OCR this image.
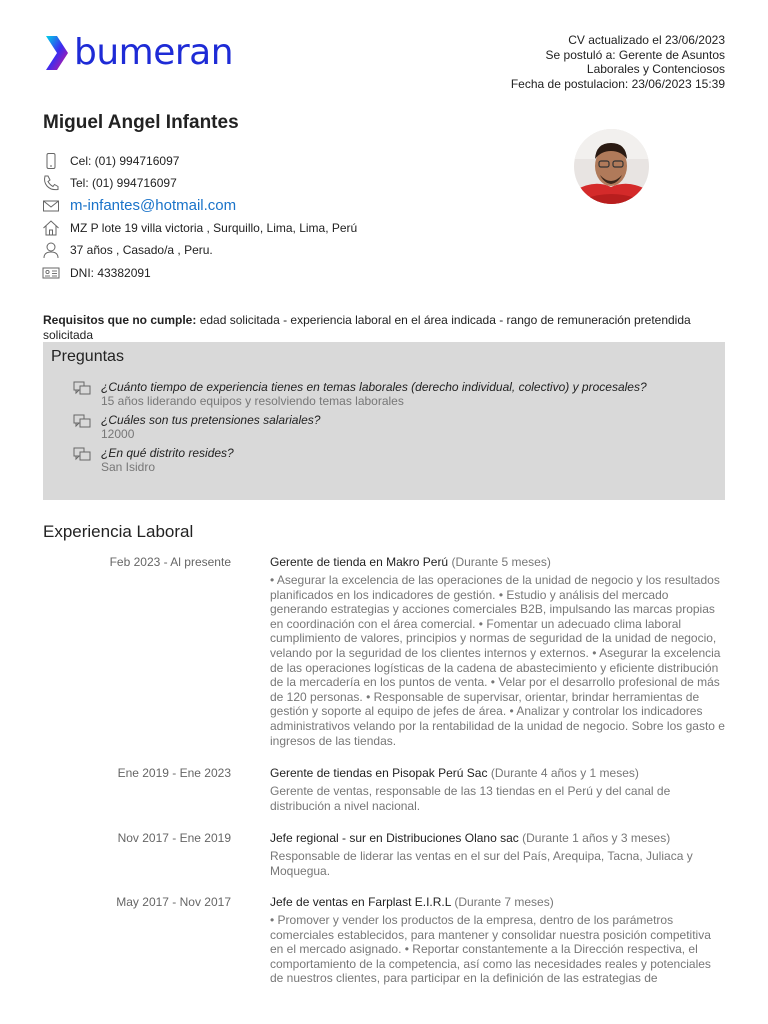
bumeran	CV actualizado el 23/06/2023
Se postuló a: Gerente de Asuntos
Laborales y Contenciosos
Fecha de postulacion: 23/06/2023 15:39
Miguel Angel Infantes
Cel: (01) 994716097
Tel: (01) 994716097
m-infantes@hotmail.com
MZ P lote 19 villa victoria , Surquillo, Lima, Lima, Perú
37 años , Casado/a , Peru.
DNI: 43382091
Requisitos que no cumple: edad solicitada - experiencia laboral en el área indicada - rango de remuneración pretendida solicitada
Preguntas
¿Cuánto tiempo de experiencia tienes en temas laborales (derecho individual, colectivo) y procesales?
15 años liderando equipos y resolviendo temas laborales
¿Cuáles son tus pretensiones salariales?
12000
¿En qué distrito resides?
San Isidro
Experiencia Laboral
Feb 2023 - Al presente	Gerente de tienda en Makro Perú (Durante 5 meses)
• Asegurar la excelencia de las operaciones de la unidad de negocio y los resultados planificados en los indicadores de gestión. • Estudio y análisis del mercado generando estrategias y acciones comerciales B2B, impulsando las marcas propias en coordinación con el área comercial. • Fomentar un adecuado clima laboral cumplimiento de valores, principios y normas de seguridad de la unidad de negocio, velando por la seguridad de los clientes internos y externos. • Asegurar la excelencia de las operaciones logísticas de la cadena de abastecimiento y eficiente distribución de la mercadería en los puntos de venta. • Velar por el desarrollo profesional de más de 120 personas. • Responsable de supervisar, orientar, brindar herramientas de gestión y soporte al equipo de jefes de área. • Analizar y controlar los indicadores administrativos velando por la rentabilidad de la unidad de negocio. Sobre los gasto e ingresos de las tiendas.
Ene 2019 - Ene 2023	Gerente de tiendas en Pisopak Perú Sac (Durante 4 años y 1 meses)
Gerente de ventas, responsable de las 13 tiendas en el Perú y del canal de distribución a nivel nacional.
Nov 2017 - Ene 2019	Jefe regional - sur en Distribuciones Olano sac (Durante 1 años y 3 meses)
Responsable de liderar las ventas en el sur del País, Arequipa, Tacna, Juliaca y Moquegua.
May 2017 - Nov 2017	Jefe de ventas en Farplast E.I.R.L (Durante 7 meses)
• Promover y vender los productos de la empresa, dentro de los parámetros comerciales establecidos, para mantener y consolidar nuestra posición competitiva en el mercado asignado. • Reportar constantemente a la Dirección respectiva, el comportamiento de la competencia, así como las necesidades reales y potenciales de nuestros clientes, para participar en la definición de las estrategias de
